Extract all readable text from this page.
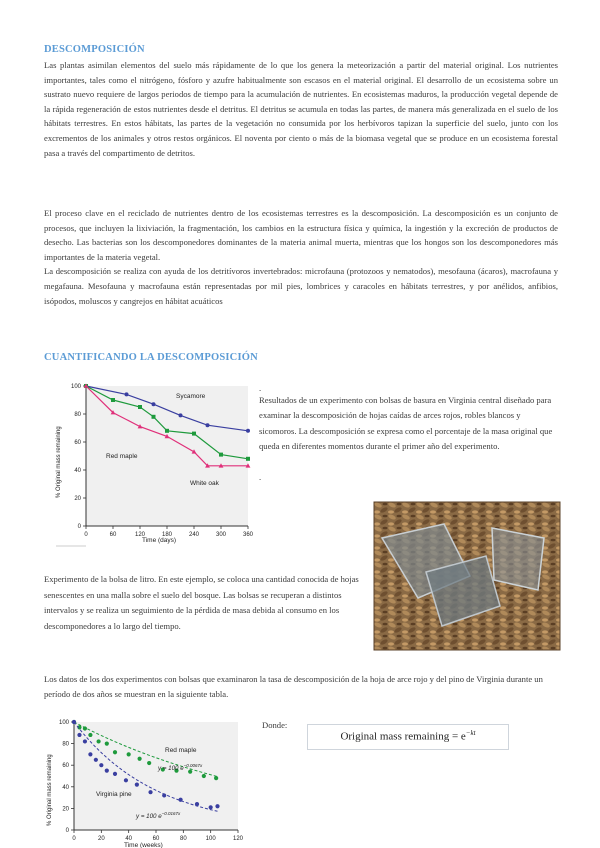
DESCOMPOSICIÓN

Las plantas asimilan elementos del suelo más rápidamente de lo que los genera la meteorización a partir del material original. Los nutrientes importantes, tales como el nitrógeno, fósforo y azufre habitualmente son escasos en el material original. El desarrollo de un ecosistema sobre un sustrato nuevo requiere de largos periodos de tiempo para la acumulación de nutrientes. En ecosistemas maduros, la producción vegetal depende de la rápida regeneración de estos nutrientes desde el detritus. El detritus se acumula en todas las partes, de manera más generalizada en el suelo de los hábitats terrestres. En estos hábitats, las partes de la vegetación no consumida por los herbívoros tapizan la superficie del suelo, junto con los excrementos de los animales y otros restos orgánicos. El noventa por ciento o más de la biomasa vegetal que se produce en un ecosistema forestal pasa a través del compartimento de detritos.

El proceso clave en el reciclado de nutrientes dentro de los ecosistemas terrestres es la descomposición. La descomposición es un conjunto de procesos, que incluyen la lixiviación, la fragmentación, los cambios en la estructura física y química, la ingestión y la excreción de productos de desecho. Las bacterias son los descomponedores dominantes de la materia animal muerta, mientras que los hongos son los descomponedores más importantes de la materia vegetal.

La descomposición se realiza con ayuda de los detritívoros invertebrados: microfauna (protozoos y nematodos), mesofauna (ácaros), macrofauna y megafauna. Mesofauna y macrofauna están representadas por mil pies, lombrices y caracoles en hábitats terrestres, y por anélidos, anfibios, isópodos, moluscos y cangrejos en hábitat acuáticos

CUANTIFICANDO LA DESCOMPOSICIÓN
0	60	120	180	240	300	360
0
20
40
60
80
100
Time (days)
% Original mass remaining
Sycamore
Red maple
White oak
.
Resultados de un experimento con bolsas de basura en Virginia central diseñado para examinar la descomposición de hojas caídas de arces rojos, robles blancos y sicomoros. La descomposición se expresa como el porcentaje de la masa original que queda en diferentes momentos durante el primer año del experimento.
.
Experimento de la bolsa de litro. En este ejemplo, se coloca una cantidad conocida de hojas senescentes en una malla sobre el suelo del bosque. Las bolsas se recuperan a distintos intervalos y se realiza un seguimiento de la pérdida de masa debida al consumo en los descomponedores a lo largo del tiempo.
Los datos de los dos experimentos con bolsas que examinaron la tasa de descomposición de la hoja de arce rojo y del pino de Virginia durante un período de dos años se muestran en la siguiente tabla.
0	20	40	60	80	100	120
0
20
40
60
80
100
Time (weeks)
% Original mass remaining
Red maple
Virginia pine
y = 100 $e^{-0.0067x}$
y = 100 $e^{-0.0167x}$
Donde:
Original mass remaining = $e^{-kt}$
